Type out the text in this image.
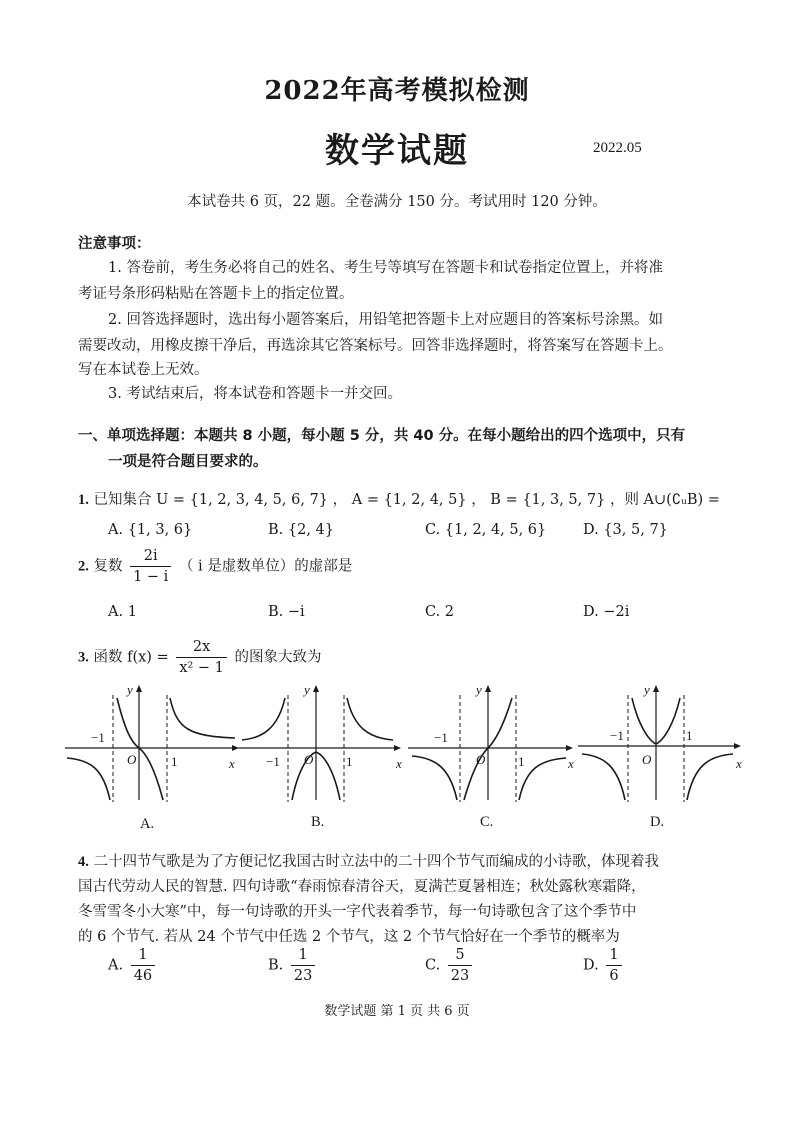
2022年高考模拟检测
数学试题	2022.05
本试卷共 6 页，22 题。全卷满分 150 分。考试用时 120 分钟。
注意事项：
1. 答卷前，考生务必将自己的姓名、考生号等填写在答题卡和试卷指定位置上，并将准
考证号条形码粘贴在答题卡上的指定位置。
2. 回答选择题时，选出每小题答案后，用铅笔把答题卡上对应题目的答案标号涂黑。如
需要改动，用橡皮擦干净后，再选涂其它答案标号。回答非选择题时，将答案写在答题卡上。
写在本试卷上无效。
3. 考试结束后，将本试卷和答题卡一并交回。
一、单项选择题：本题共 8 小题，每小题 5 分，共 40 分。在每小题给出的四个选项中，只有
一项是符合题目要求的。
1. 已知集合 U = {1, 2, 3, 4, 5, 6, 7} ， A = {1, 2, 4, 5} ， B = {1, 3, 5, 7} ，则 A∪(∁ᵤB) =
A. {1, 3, 6}	B. {2, 4}	C. {1, 2, 4, 5, 6}	D. {3, 5, 7}
2. 复数 $\frac{2i}{1 - i}$ （ i 是虚数单位）的虚部是
A. 1	B. −i	C. 2	D. −2i
3. 函数 $f(x) = \frac{2x}{\text{x² − 1}}$ 的图象大致为
y
x
O
−1
1
y
x
O
−1	1
y
x
O
−1
1
y
x
O
−1	1
A.	B.	C.	D.
4. 二十四节气歌是为了方便记忆我国古时立法中的二十四个节气而编成的小诗歌，体现着我
国古代劳动人民的智慧. 四句诗歌“春雨惊春清谷天，夏满芒夏暑相连；秋处露秋寒霜降，
冬雪雪冬小大寒”中，每一句诗歌的开头一字代表着季节，每一句诗歌包含了这个季节中
的 6 个节气. 若从 24 个节气中任选 2 个节气，这 2 个节气恰好在一个季节的概率为
A. $\frac{1}{46}$	B. $\frac{1}{23}$	C. $\frac{5}{23}$	D. $\frac{1}{6}$
数学试题 第 1 页 共 6 页
